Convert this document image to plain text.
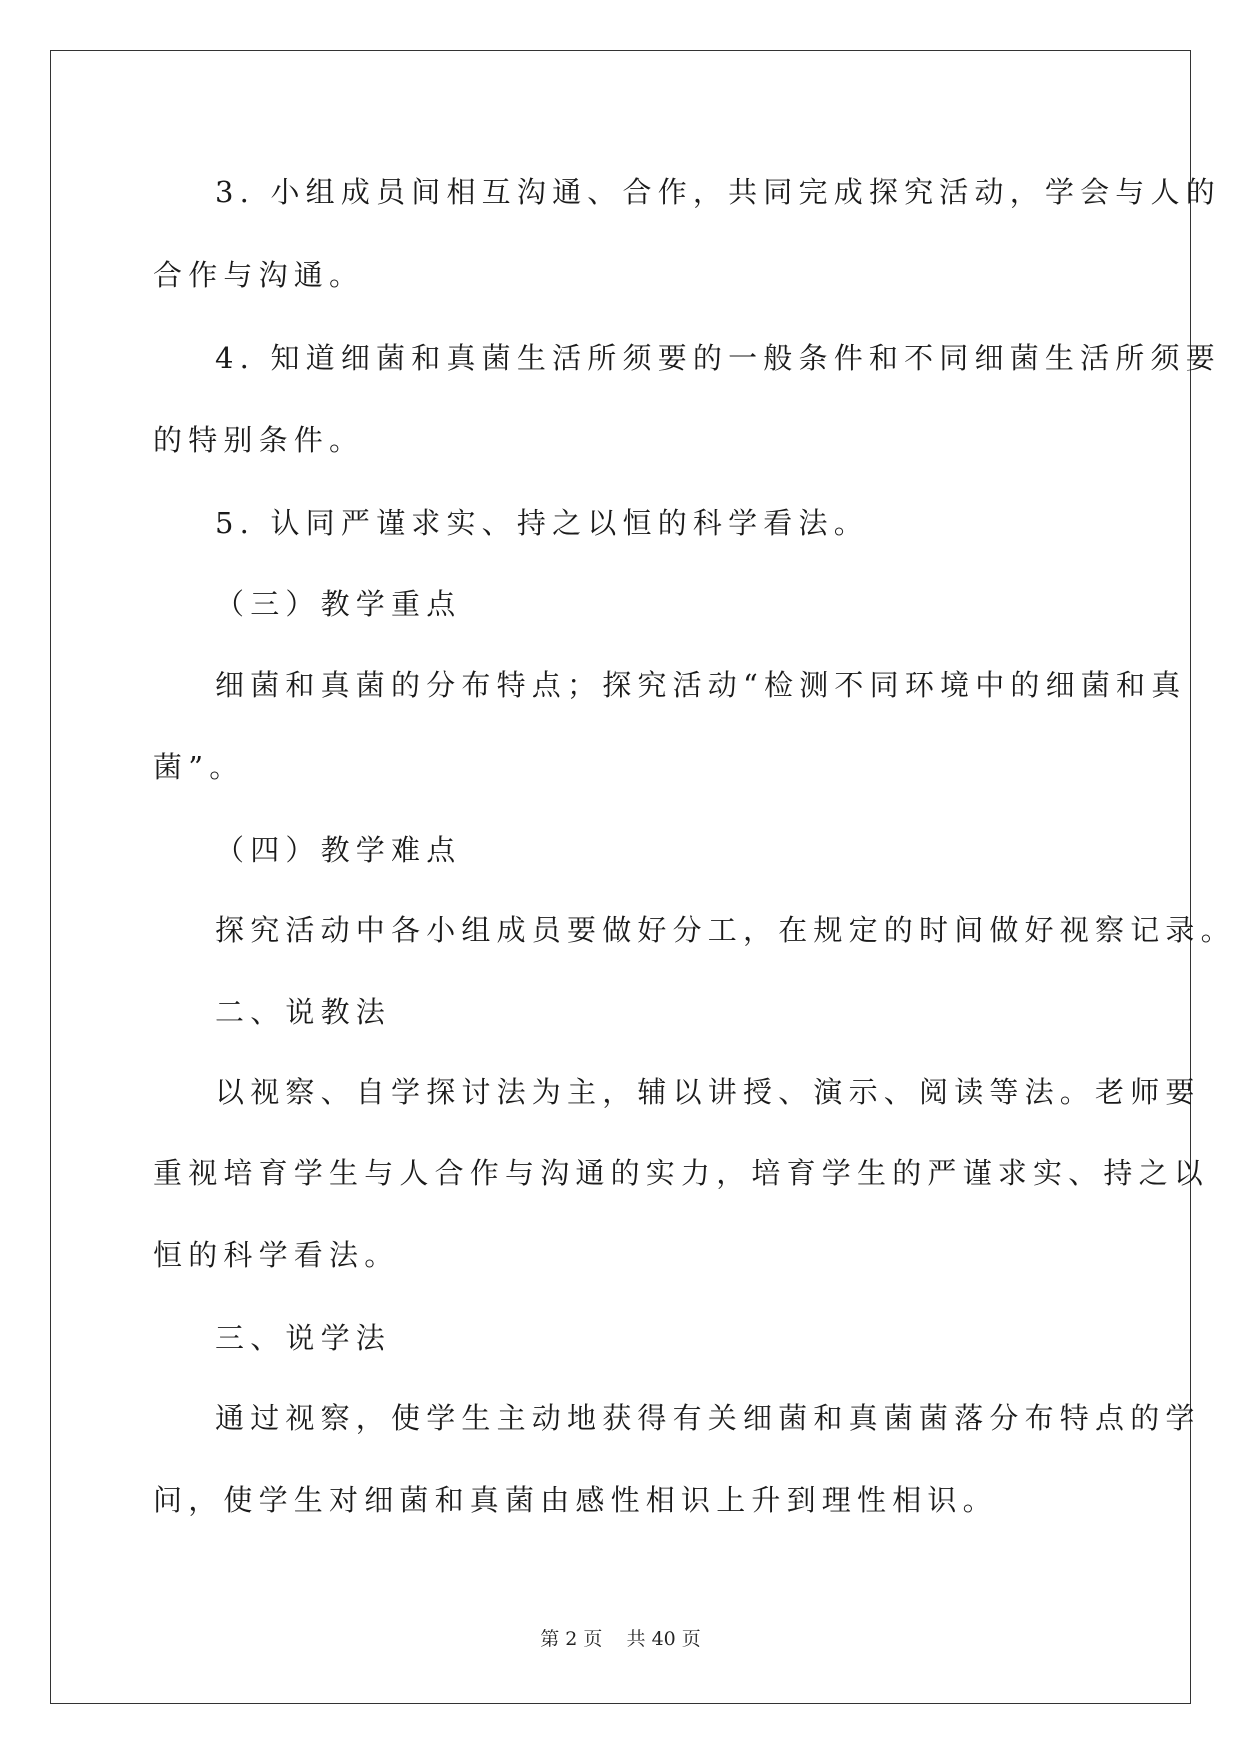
3. 小组成员间相互沟通、合作，共同完成探究活动，学会与人的
合作与沟通。
4. 知道细菌和真菌生活所须要的一般条件和不同细菌生活所须要
的特别条件。
5. 认同严谨求实、持之以恒的科学看法。
（三）教学重点
细菌和真菌的分布特点；探究活动“检测不同环境中的细菌和真
菌”。
（四）教学难点
探究活动中各小组成员要做好分工，在规定的时间做好视察记录。
二、说教法
以视察、自学探讨法为主，辅以讲授、演示、阅读等法。老师要
重视培育学生与人合作与沟通的实力，培育学生的严谨求实、持之以
恒的科学看法。
三、说学法
通过视察，使学生主动地获得有关细菌和真菌菌落分布特点的学
问，使学生对细菌和真菌由感性相识上升到理性相识。
第 2 页    共 40 页
